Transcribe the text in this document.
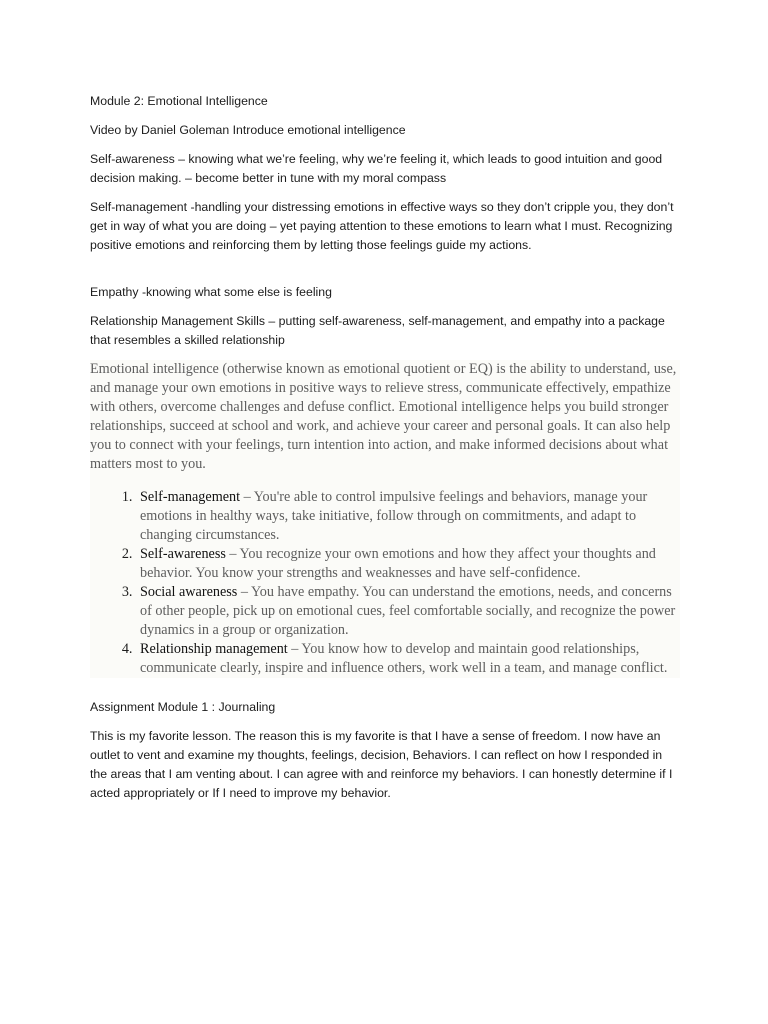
Module 2: Emotional Intelligence

Video by Daniel Goleman Introduce emotional intelligence

Self-awareness – knowing what we’re feeling, why we’re feeling it, which leads to good intuition and good decision making. – become better in tune with my moral compass

Self-management -handling your distressing emotions in effective ways so they don’t cripple you, they don’t get in way of what you are doing – yet paying attention to these emotions to learn what I must. Recognizing positive emotions and reinforcing them by letting those feelings guide my actions.

Empathy -knowing what some else is feeling

Relationship Management Skills – putting self-awareness, self-management, and empathy into a package that resembles a skilled relationship

Emotional intelligence (otherwise known as emotional quotient or EQ) is the ability to understand, use, and manage your own emotions in positive ways to relieve stress, communicate effectively, empathize with others, overcome challenges and defuse conflict. Emotional intelligence helps you build stronger relationships, succeed at school and work, and achieve your career and personal goals. It can also help you to connect with your feelings, turn intention into action, and make informed decisions about what matters most to you.

1. Self-management – You're able to control impulsive feelings and behaviors, manage your emotions in healthy ways, take initiative, follow through on commitments, and adapt to changing circumstances.
2. Self-awareness – You recognize your own emotions and how they affect your thoughts and behavior. You know your strengths and weaknesses and have self-confidence.
3. Social awareness – You have empathy. You can understand the emotions, needs, and concerns of other people, pick up on emotional cues, feel comfortable socially, and recognize the power dynamics in a group or organization.
4. Relationship management – You know how to develop and maintain good relationships, communicate clearly, inspire and influence others, work well in a team, and manage conflict.

Assignment Module 1 : Journaling

This is my favorite lesson. The reason this is my favorite is that I have a sense of freedom. I now have an outlet to vent and examine my thoughts, feelings, decision, Behaviors. I can reflect on how I responded in the areas that I am venting about. I can agree with and reinforce my behaviors. I can honestly determine if I acted appropriately or If I need to improve my behavior.
